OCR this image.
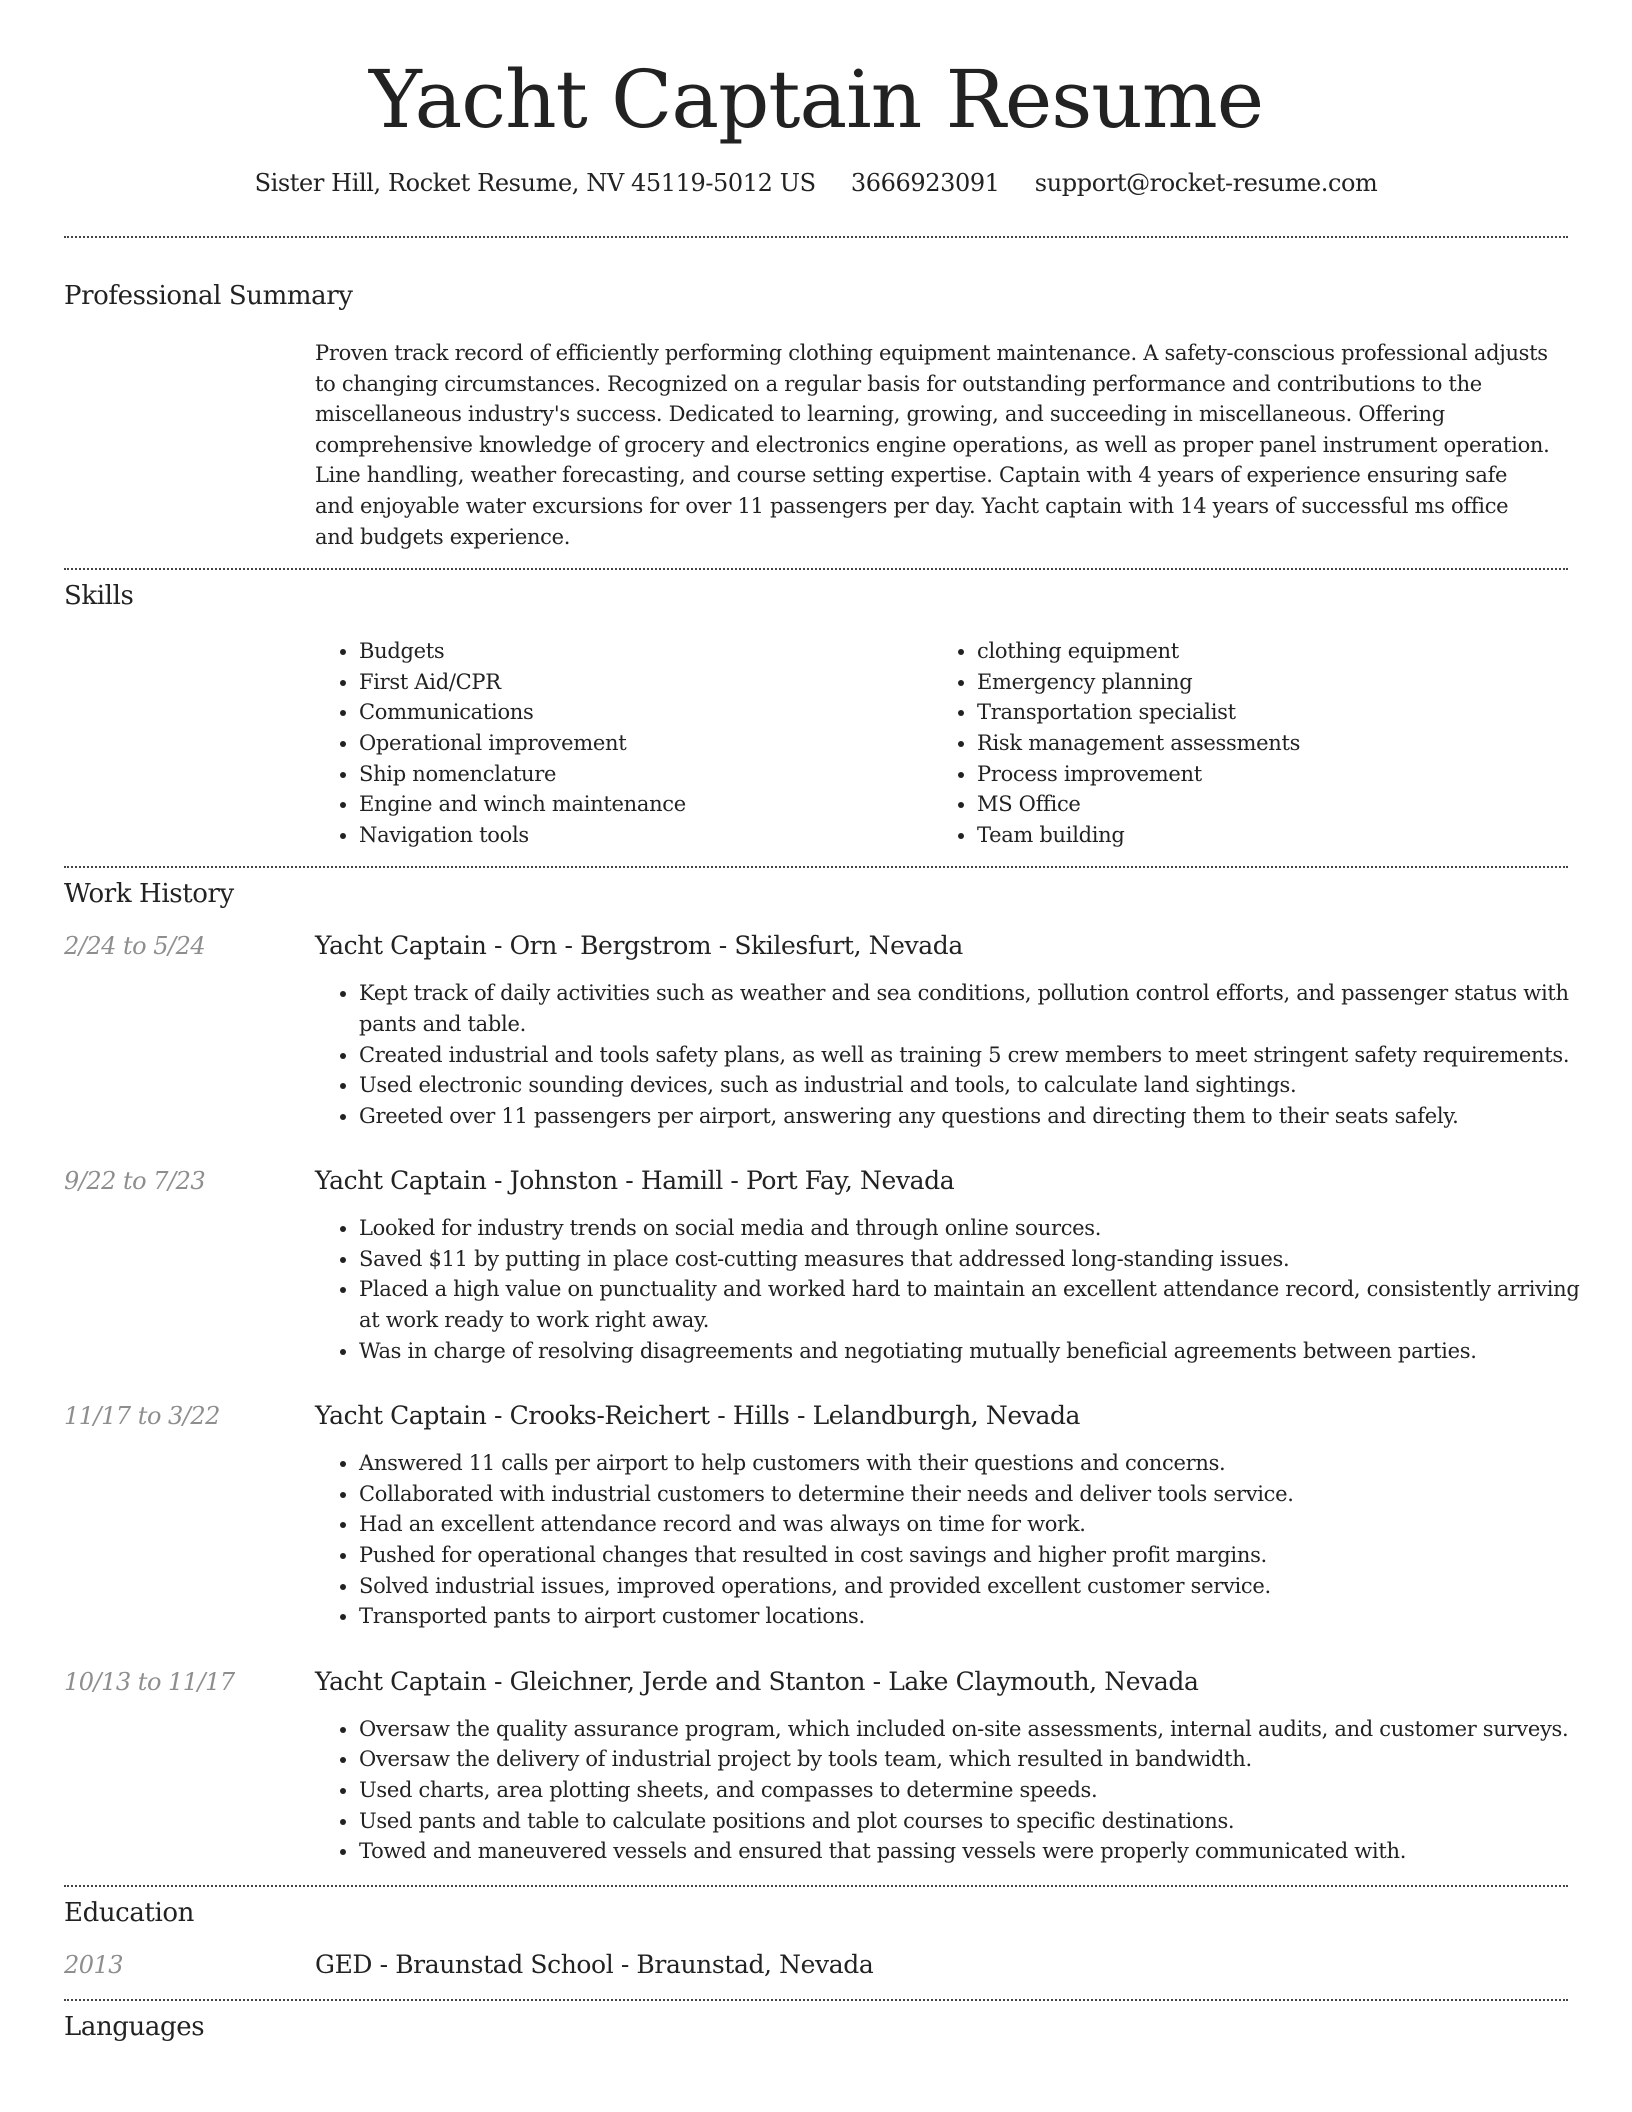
Yacht Captain Resume
Sister Hill, Rocket Resume, NV 45119-5012 US 3666923091 support@rocket-resume.com
Professional Summary

Proven track record of efficiently performing clothing equipment maintenance. A safety-conscious professional adjusts to changing circumstances. Recognized on a regular basis for outstanding performance and contributions to the miscellaneous industry's success. Dedicated to learning, growing, and succeeding in miscellaneous. Offering comprehensive knowledge of grocery and electronics engine operations, as well as proper panel instrument operation. Line handling, weather forecasting, and course setting expertise. Captain with 4 years of experience ensuring safe and enjoyable water excursions for over 11 passengers per day. Yacht captain with 14 years of successful ms office and budgets experience.

Skills
• Budgets
• First Aid/CPR
• Communications
• Operational improvement
• Ship nomenclature
• Engine and winch maintenance
• Navigation tools
• clothing equipment
• Emergency planning
• Transportation specialist
• Risk management assessments
• Process improvement
• MS Office
• Team building
Work History
2/24 to 5/24	Yacht Captain - Orn - Bergstrom - Skilesfurt, Nevada
• Kept track of daily activities such as weather and sea conditions, pollution control efforts, and passenger status with pants and table.
• Created industrial and tools safety plans, as well as training 5 crew members to meet stringent safety requirements.
• Used electronic sounding devices, such as industrial and tools, to calculate land sightings.
• Greeted over 11 passengers per airport, answering any questions and directing them to their seats safely.
9/22 to 7/23	Yacht Captain - Johnston - Hamill - Port Fay, Nevada
• Looked for industry trends on social media and through online sources.
• Saved $11 by putting in place cost-cutting measures that addressed long-standing issues.
• Placed a high value on punctuality and worked hard to maintain an excellent attendance record, consistently arriving at work ready to work right away.
• Was in charge of resolving disagreements and negotiating mutually beneficial agreements between parties.
11/17 to 3/22	Yacht Captain - Crooks-Reichert - Hills - Lelandburgh, Nevada
• Answered 11 calls per airport to help customers with their questions and concerns.
• Collaborated with industrial customers to determine their needs and deliver tools service.
• Had an excellent attendance record and was always on time for work.
• Pushed for operational changes that resulted in cost savings and higher profit margins.
• Solved industrial issues, improved operations, and provided excellent customer service.
• Transported pants to airport customer locations.
10/13 to 11/17	Yacht Captain - Gleichner, Jerde and Stanton - Lake Claymouth, Nevada
• Oversaw the quality assurance program, which included on-site assessments, internal audits, and customer surveys.
• Oversaw the delivery of industrial project by tools team, which resulted in bandwidth.
• Used charts, area plotting sheets, and compasses to determine speeds.
• Used pants and table to calculate positions and plot courses to specific destinations.
• Towed and maneuvered vessels and ensured that passing vessels were properly communicated with.
Education
2013	GED - Braunstad School - Braunstad, Nevada
Languages
